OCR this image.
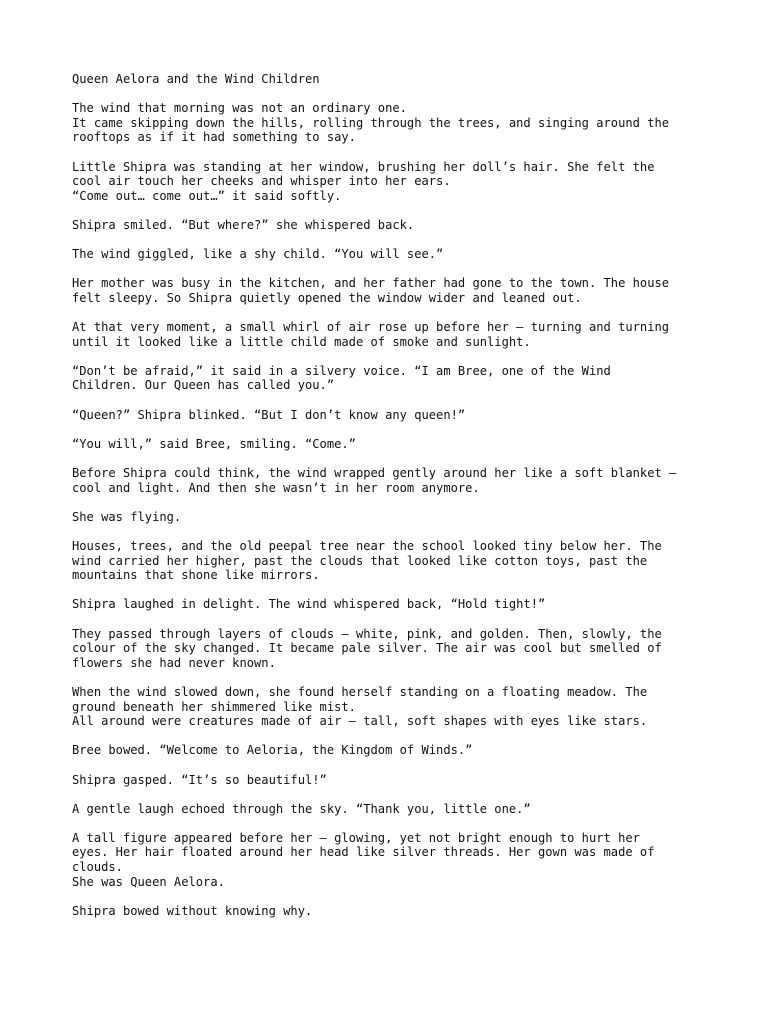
Queen Aelora and the Wind Children
The wind that morning was not an ordinary one.
It came skipping down the hills, rolling through the trees, and singing around the
rooftops as if it had something to say.
Little Shipra was standing at her window, brushing her doll’s hair. She felt the
cool air touch her cheeks and whisper into her ears.
“Come out… come out…” it said softly.
Shipra smiled. “But where?” she whispered back.
The wind giggled, like a shy child. “You will see.”
Her mother was busy in the kitchen, and her father had gone to the town. The house
felt sleepy. So Shipra quietly opened the window wider and leaned out.
At that very moment, a small whirl of air rose up before her — turning and turning
until it looked like a little child made of smoke and sunlight.
“Don’t be afraid,” it said in a silvery voice. “I am Bree, one of the Wind
Children. Our Queen has called you.”
“Queen?” Shipra blinked. “But I don’t know any queen!”
“You will,” said Bree, smiling. “Come.”
Before Shipra could think, the wind wrapped gently around her like a soft blanket —
cool and light. And then she wasn’t in her room anymore.
She was flying.
Houses, trees, and the old peepal tree near the school looked tiny below her. The
wind carried her higher, past the clouds that looked like cotton toys, past the
mountains that shone like mirrors.
Shipra laughed in delight. The wind whispered back, “Hold tight!”
They passed through layers of clouds — white, pink, and golden. Then, slowly, the
colour of the sky changed. It became pale silver. The air was cool but smelled of
flowers she had never known.
When the wind slowed down, she found herself standing on a floating meadow. The
ground beneath her shimmered like mist.
All around were creatures made of air — tall, soft shapes with eyes like stars.
Bree bowed. “Welcome to Aeloria, the Kingdom of Winds.”
Shipra gasped. “It’s so beautiful!”
A gentle laugh echoed through the sky. “Thank you, little one.”
A tall figure appeared before her — glowing, yet not bright enough to hurt her
eyes. Her hair floated around her head like silver threads. Her gown was made of
clouds.
She was Queen Aelora.
Shipra bowed without knowing why.
